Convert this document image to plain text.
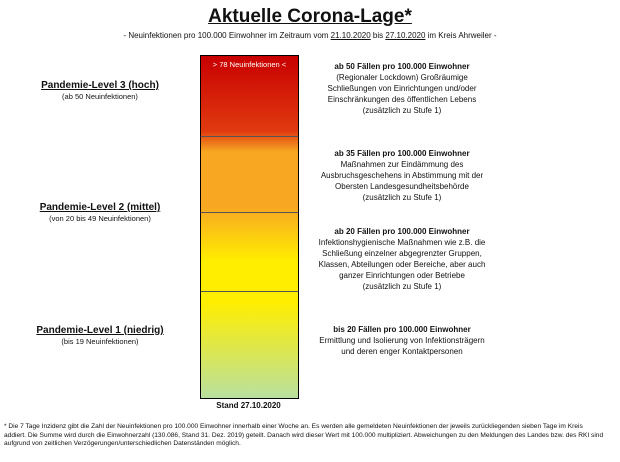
Aktuelle Corona-Lage*
- Neuinfektionen pro 100.000 Einwohner im Zeitraum vom 21.10.2020 bis 27.10.2020 im Kreis Ahrweiler -
> 78 Neuinfektionen <
Stand 27.10.2020
Pandemie-Level 3 (hoch)
(ab 50 Neuinfektionen)
Pandemie-Level 2 (mittel)
(von 20 bis 49 Neuinfektionen)
Pandemie-Level 1 (niedrig)
(bis 19 Neuinfektionen)
ab 50 Fällen pro 100.000 Einwohner
(Regionaler Lockdown) Großräumige
Schließungen von Einrichtungen und/oder
Einschränkungen des öffentlichen Lebens
(zusätzlich zu Stufe 1)
ab 35 Fällen pro 100.000 Einwohner
Maßnahmen zur Eindämmung des
Ausbruchsgeschehens in Abstimmung mit der
Obersten Landesgesundheitsbehörde
(zusätzlich zu Stufe 1)
ab 20 Fällen pro 100.000 Einwohner
Infektionshygienische Maßnahmen wie z.B. die
Schließung einzelner abgegrenzter Gruppen,
Klassen, Abteilungen oder Bereiche, aber auch
ganzer Einrichtungen oder Betriebe
(zusätzlich zu Stufe 1)
bis 20 Fällen pro 100.000 Einwohner
Ermittlung und Isolierung von Infektionsträgern
und deren enger Kontaktpersonen
* Die 7 Tage Inzidenz gibt die Zahl der Neuinfektionen pro 100.000 Einwohner innerhalb einer Woche an. Es werden alle gemeldeten Neuinfektionen der jeweils zurückliegenden sieben Tage im Kreis addiert. Die Summe wird durch die Einwohnerzahl (130.086, Stand 31. Dez. 2019) geteilt. Danach wird dieser Wert mit 100.000 multipliziert. Abweichungen zu den Meldungen des Landes bzw. des RKI sind aufgrund von zeitlichen Verzögerungen/unterschiedlichen Datenständen möglich.
